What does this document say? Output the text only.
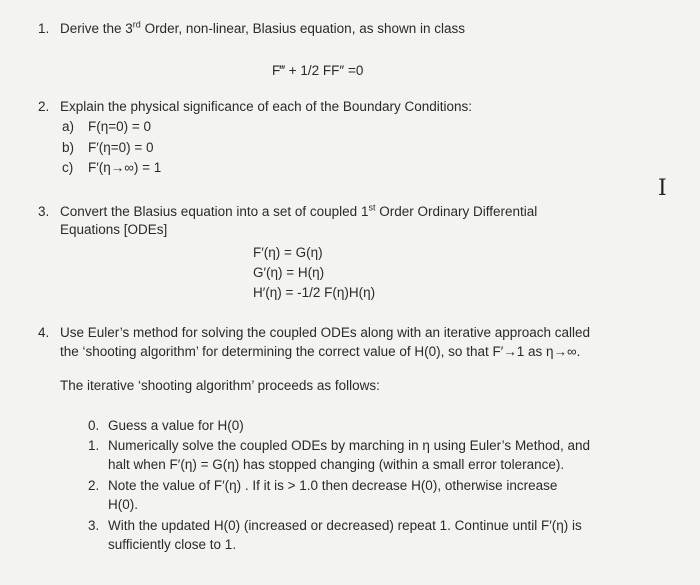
1. Derive the 3rd Order, non-linear, Blasius equation, as shown in class
F‴ + 1/2 FF″ =0
2. Explain the physical significance of each of the Boundary Conditions:
a) F(η=0) = 0
b) F′(η=0) = 0
c) F′(η→∞) = 1
I
3. Convert the Blasius equation into a set of coupled 1st Order Ordinary Differential
Equations [ODEs]
F′(η) = G(η)
G′(η) = H(η)
H′(η) = -1/2 F(η)H(η)
4. Use Euler’s method for solving the coupled ODEs along with an iterative approach called
the ‘shooting algorithm’ for determining the correct value of H(0), so that F′→1 as η→∞.
The iterative ‘shooting algorithm’ proceeds as follows:
0. Guess a value for H(0)
1. Numerically solve the coupled ODEs by marching in η using Euler’s Method, and
halt when F′(η) = G(η) has stopped changing (within a small error tolerance).
2. Note the value of F′(η) . If it is > 1.0 then decrease H(0), otherwise increase
H(0).
3. With the updated H(0) (increased or decreased) repeat 1. Continue until F′(η) is
sufficiently close to 1.
